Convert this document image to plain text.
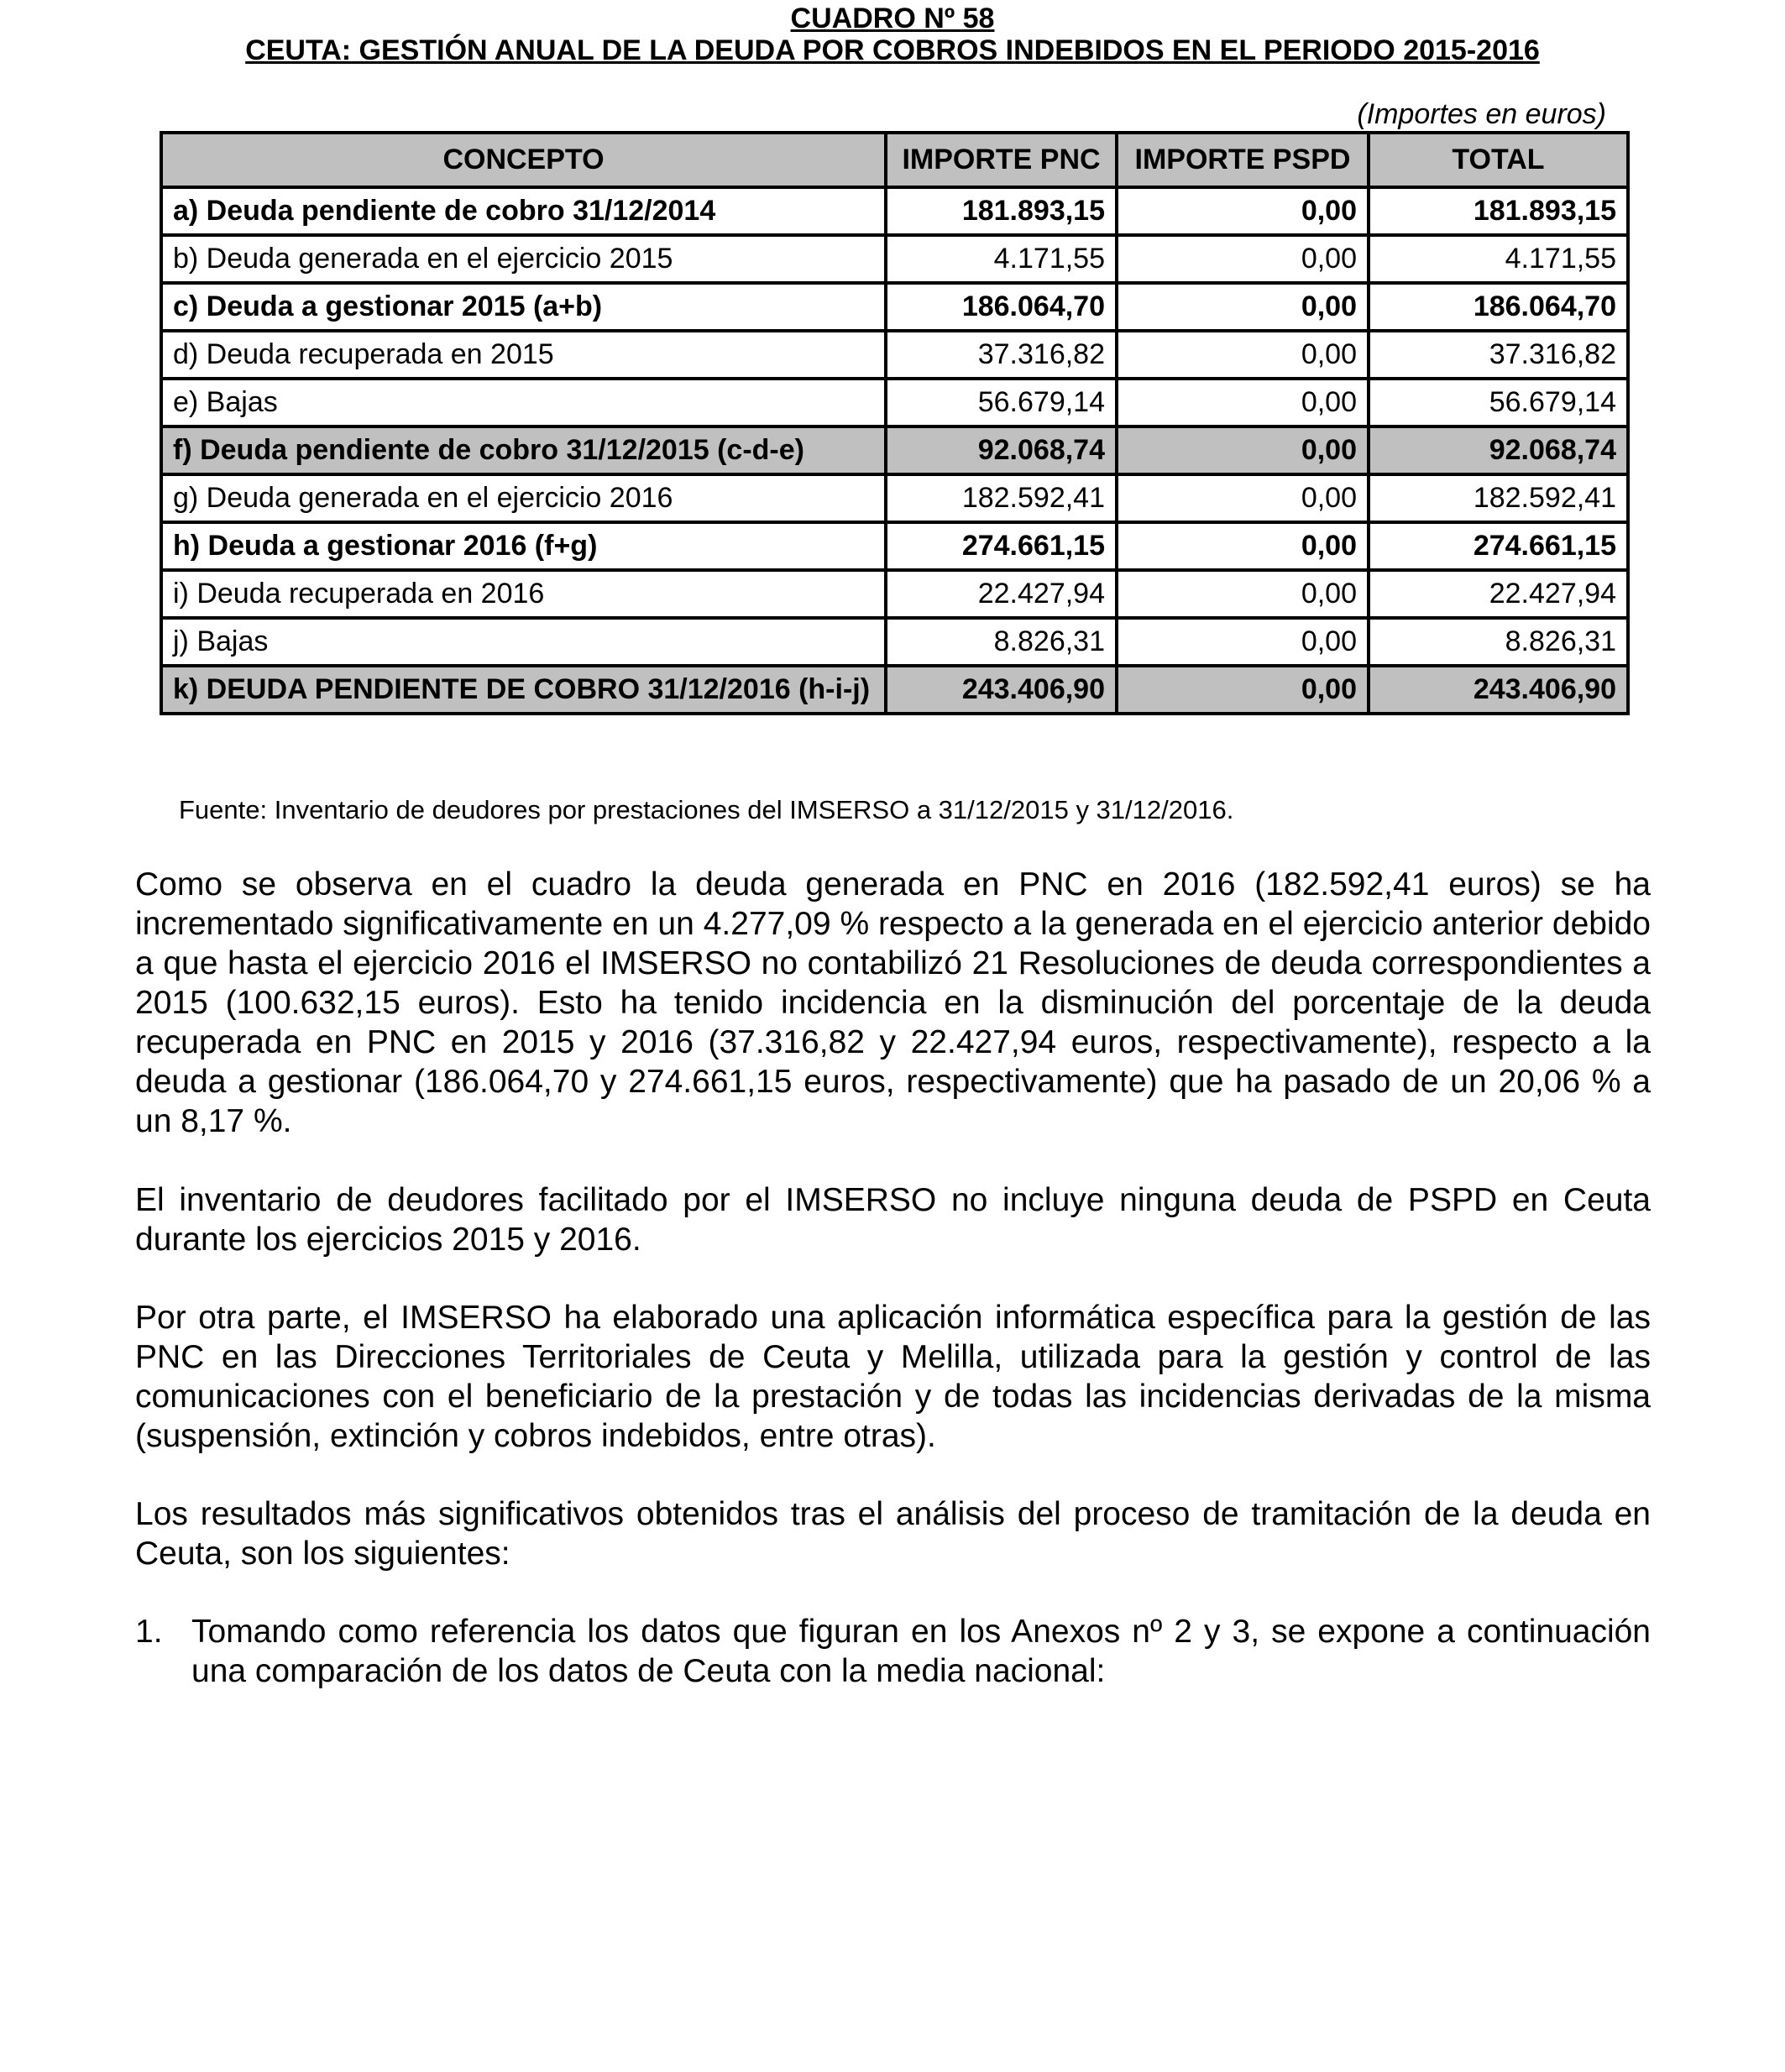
CUADRO Nº 58
CEUTA: GESTIÓN ANUAL DE LA DEUDA POR COBROS INDEBIDOS EN EL PERIODO 2015-2016
(Importes en euros)
CONCEPTO	IMPORTE PNC	IMPORTE PSPD	TOTAL
a) Deuda pendiente de cobro 31/12/2014	181.893,15	0,00	181.893,15
b) Deuda generada en el ejercicio 2015	4.171,55	0,00	4.171,55
c) Deuda a gestionar 2015 (a+b)	186.064,70	0,00	186.064,70
d) Deuda recuperada en 2015	37.316,82	0,00	37.316,82
e) Bajas	56.679,14	0,00	56.679,14
f) Deuda pendiente de cobro 31/12/2015 (c-d-e)	92.068,74	0,00	92.068,74
g) Deuda generada en el ejercicio 2016	182.592,41	0,00	182.592,41
h) Deuda a gestionar 2016 (f+g)	274.661,15	0,00	274.661,15
i) Deuda recuperada en 2016	22.427,94	0,00	22.427,94
j) Bajas	8.826,31	0,00	8.826,31
k) DEUDA PENDIENTE DE COBRO 31/12/2016 (h-i-j)	243.406,90	0,00	243.406,90
Fuente: Inventario de deudores por prestaciones del IMSERSO a 31/12/2015 y 31/12/2016.

Como se observa en el cuadro la deuda generada en PNC en 2016 (182.592,41 euros) se ha incrementado significativamente en un 4.277,09 % respecto a la generada en el ejercicio anterior debido a que hasta el ejercicio 2016 el IMSERSO no contabilizó 21 Resoluciones de deuda correspondientes a 2015 (100.632,15 euros). Esto ha tenido incidencia en la disminución del porcentaje de la deuda recuperada en PNC en 2015 y 2016 (37.316,82 y 22.427,94 euros, respectivamente), respecto a la deuda a gestionar (186.064,70 y 274.661,15 euros, respectivamente) que ha pasado de un 20,06 % a un 8,17 %.

El inventario de deudores facilitado por el IMSERSO no incluye ninguna deuda de PSPD en Ceuta durante los ejercicios 2015 y 2016.

Por otra parte, el IMSERSO ha elaborado una aplicación informática específica para la gestión de las PNC en las Direcciones Territoriales de Ceuta y Melilla, utilizada para la gestión y control de las comunicaciones con el beneficiario de la prestación y de todas las incidencias derivadas de la misma (suspensión, extinción y cobros indebidos, entre otras).

Los resultados más significativos obtenidos tras el análisis del proceso de tramitación de la deuda en Ceuta, son los siguientes:

1. Tomando como referencia los datos que figuran en los Anexos nº 2 y 3, se expone a continuación una comparación de los datos de Ceuta con la media nacional:
